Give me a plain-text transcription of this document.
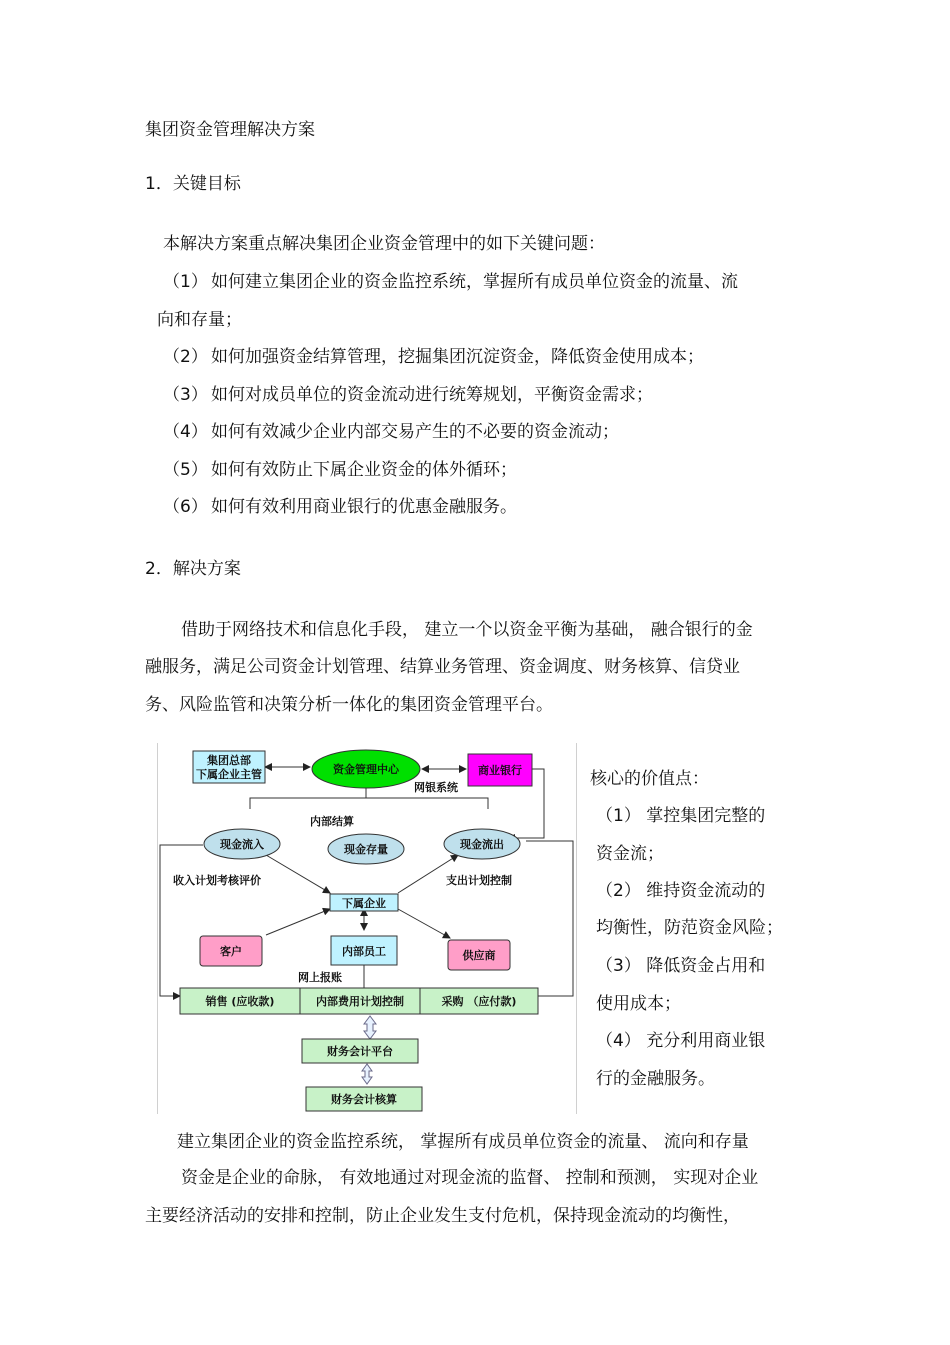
集团资金管理解决方案
1．关键目标
本解决方案重点解决集团企业资金管理中的如下关键问题：
（1） 如何建立集团企业的资金监控系统，掌握所有成员单位资金的流量、流
向和存量；
（2） 如何加强资金结算管理，挖掘集团沉淀资金，降低资金使用成本；
（3） 如何对成员单位的资金流动进行统筹规划，平衡资金需求；
（4） 如何有效减少企业内部交易产生的不必要的资金流动；
（5） 如何有效防止下属企业资金的体外循环；
（6） 如何有效利用商业银行的优惠金融服务。
2．解决方案
借助于网络技术和信息化手段， 建立一个以资金平衡为基础， 融合银行的金
融服务，满足公司资金计划管理、结算业务管理、资金调度、财务核算、信贷业
务、风险监管和决策分析一体化的集团资金管理平台。
核心的价值点：
（1） 掌控集团完整的
资金流；
（2） 维持资金流动的
均衡性，防范资金风险；
（3） 降低资金占用和
使用成本；
（4） 充分利用商业银
行的金融服务。
建立集团企业的资金监控系统， 掌握所有成员单位资金的流量、 流向和存量
资金是企业的命脉， 有效地通过对现金流的监督、 控制和预测， 实现对企业
主要经济活动的安排和控制，防止企业发生支付危机，保持现金流动的均衡性，
集团总部
下属企业主管	资金管理中心	商业银行
网银系统
内部结算
现金流入	现金存量	现金流出
收入计划考核评价	支出计划控制
下属企业
客户	内部员工	供应商
网上报账
销售 (应收款)	内部费用计划控制	采购 （应付款)
财务会计平台
财务会计核算
